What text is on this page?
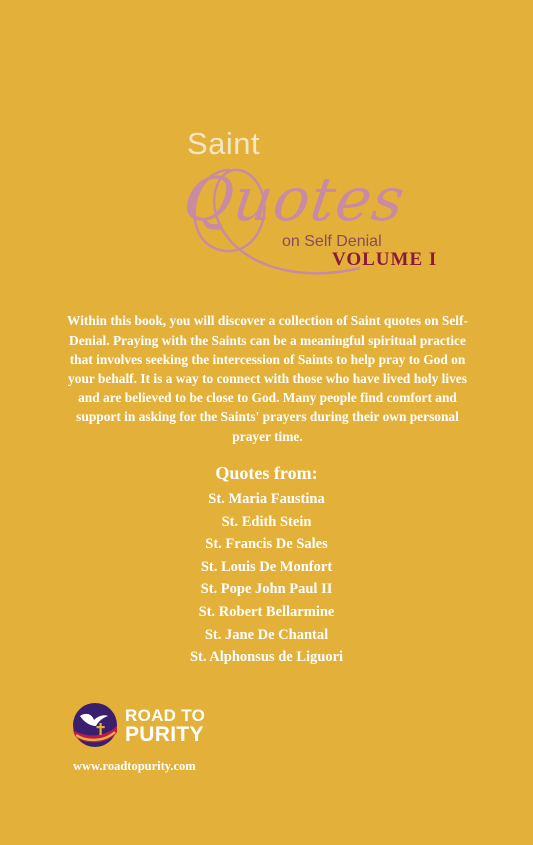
Saint
Quotes
on Self Denial
VOLUME I

Within this book, you will discover a collection of Saint quotes on Self-Denial. Praying with the Saints can be a meaningful spiritual practice that involves seeking the intercession of Saints to help pray to God on your behalf. It is a way to connect with those who have lived holy lives and are believed to be close to God. Many people find comfort and support in asking for the Saints' prayers during their own personal prayer time.

Quotes from:
St. Maria Faustina
St. Edith Stein
St. Francis De Sales
St. Louis De Monfort
St. Pope John Paul II
St. Robert Bellarmine
St. Jane De Chantal
St. Alphonsus de Liguori
ROAD TO
PURITY
www.roadtopurity.com
